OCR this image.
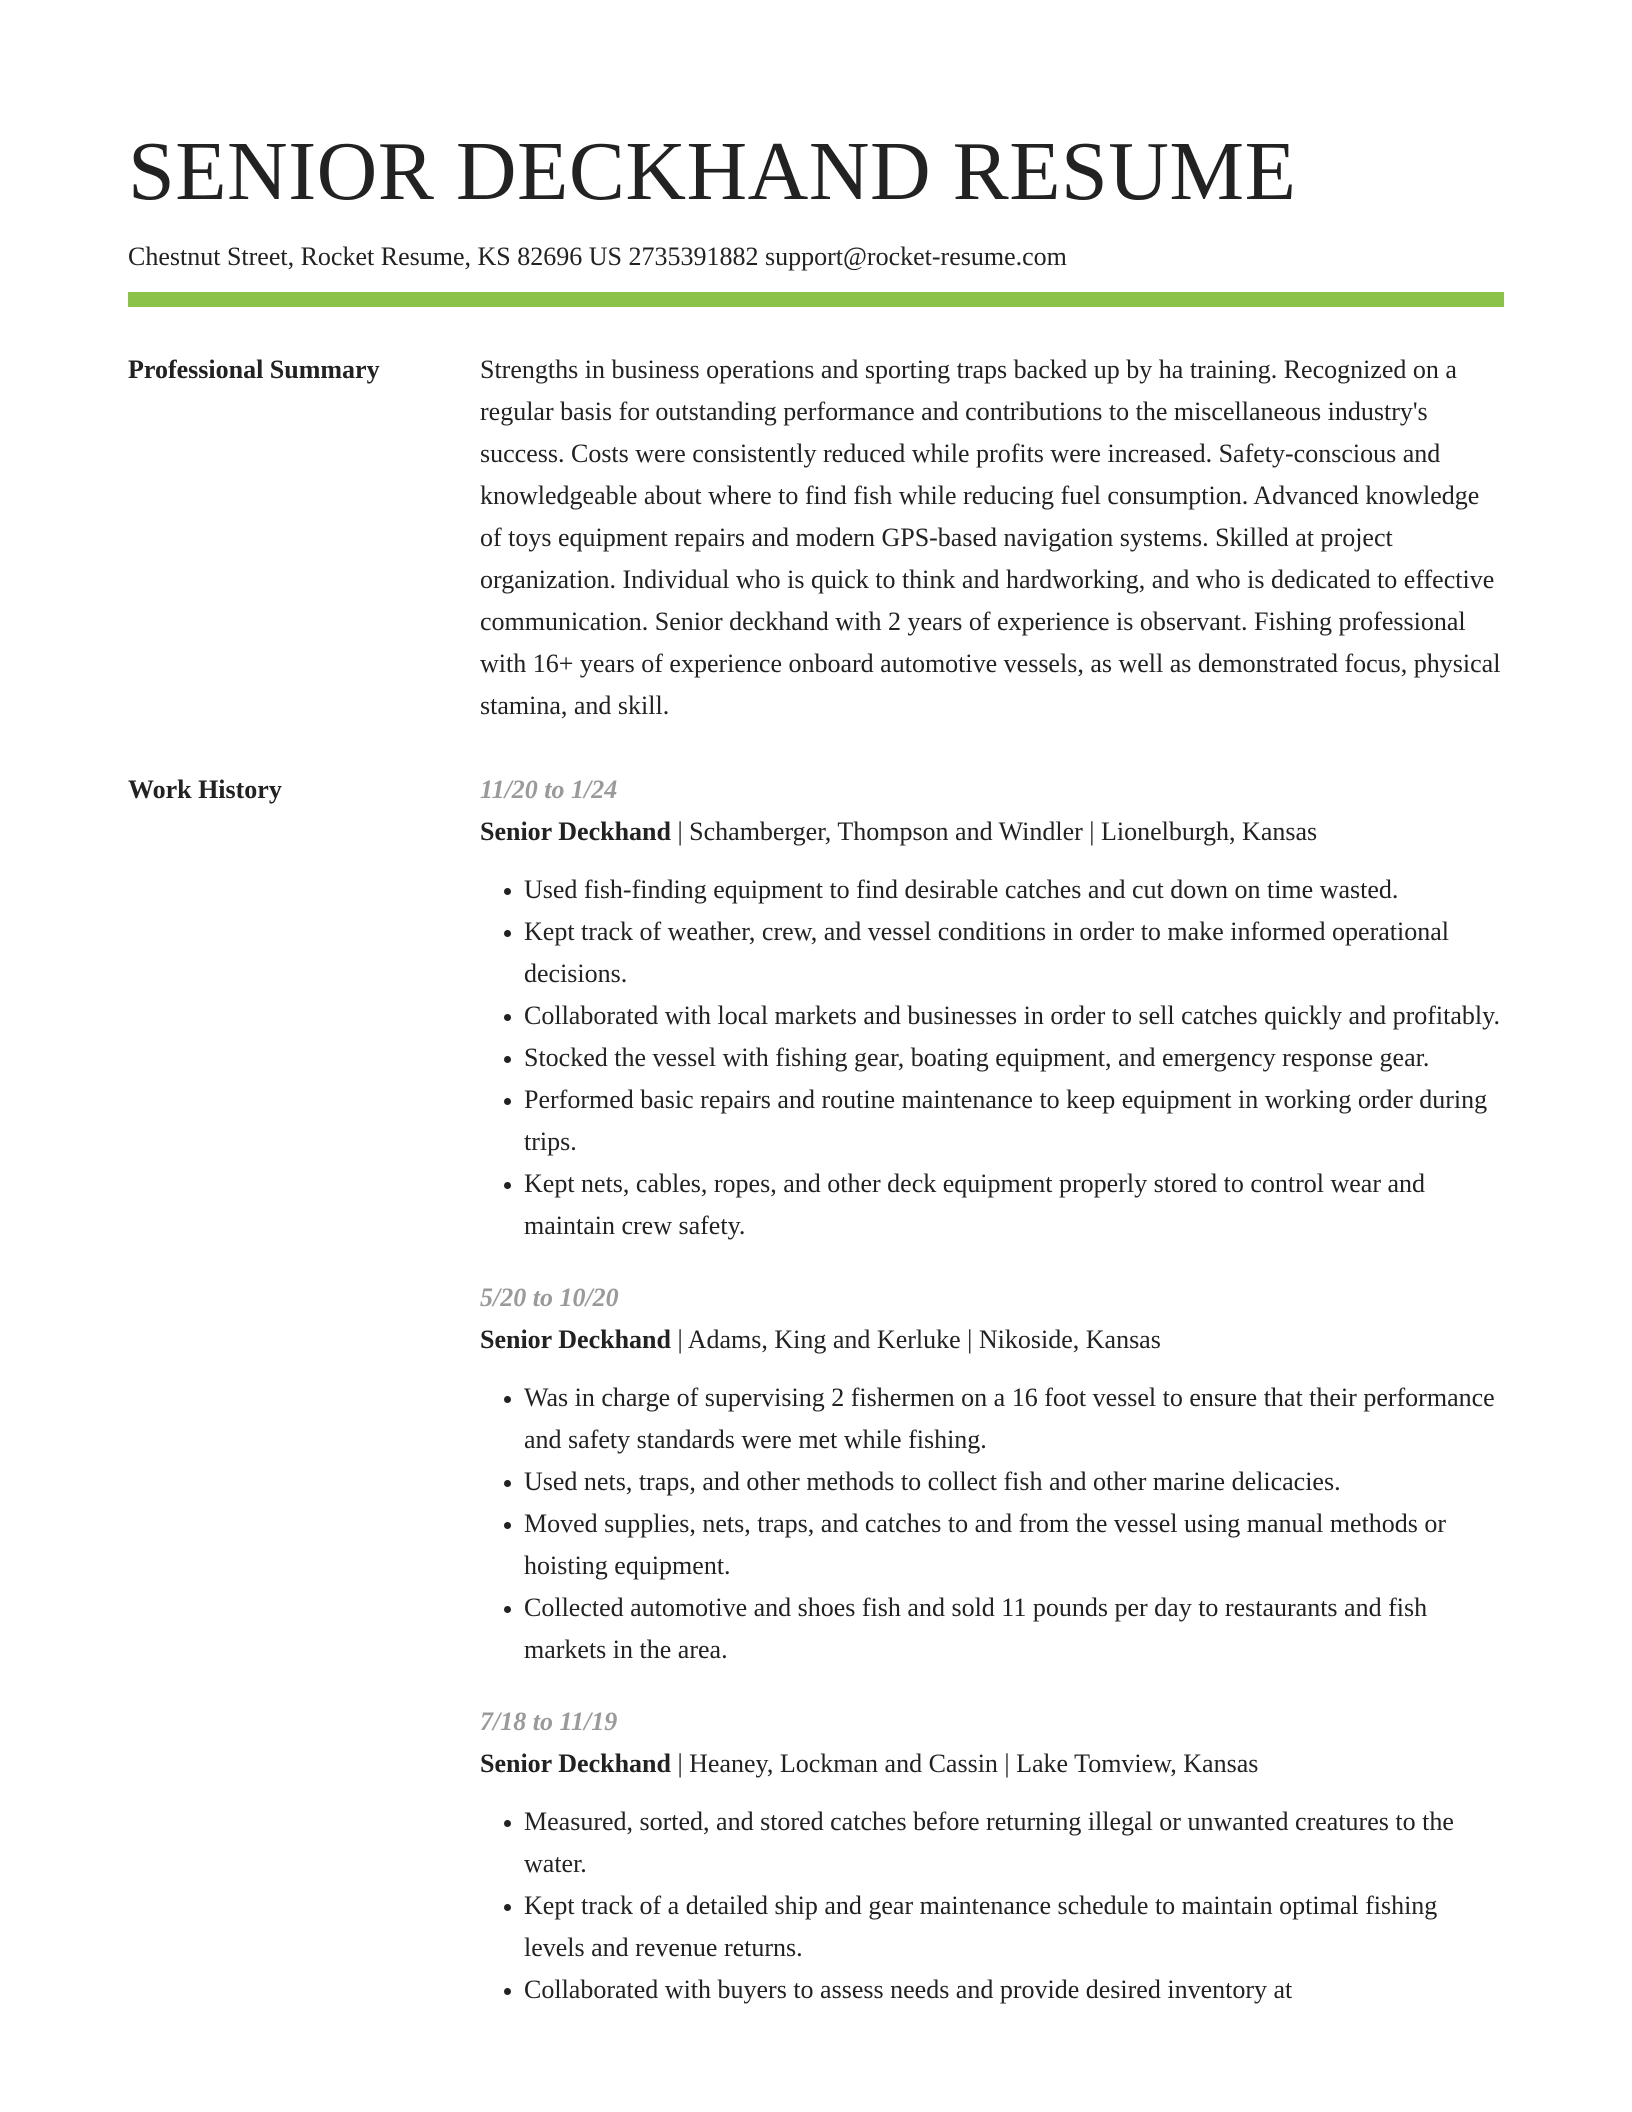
SENIOR DECKHAND RESUME
Chestnut Street, Rocket Resume, KS 82696 US 2735391882 support@rocket-resume.com
Professional Summary	Strengths in business operations and sporting traps backed up by ha training. Recognized on a regular basis for outstanding performance and contributions to the miscellaneous industry's success. Costs were consistently reduced while profits were increased. Safety-conscious and knowledgeable about where to find fish while reducing fuel consumption. Advanced knowledge of toys equipment repairs and modern GPS-based navigation systems. Skilled at project organization. Individual who is quick to think and hardworking, and who is dedicated to effective communication. Senior deckhand with 2 years of experience is observant. Fishing professional with 16+ years of experience onboard automotive vessels, as well as demonstrated focus, physical stamina, and skill.

Work History	11/20 to 1/24
Senior Deckhand | Schamberger, Thompson and Windler | Lionelburgh, Kansas
• Used fish-finding equipment to find desirable catches and cut down on time wasted.
• Kept track of weather, crew, and vessel conditions in order to make informed operational decisions.
• Collaborated with local markets and businesses in order to sell catches quickly and profitably.
• Stocked the vessel with fishing gear, boating equipment, and emergency response gear.
• Performed basic repairs and routine maintenance to keep equipment in working order during trips.
• Kept nets, cables, ropes, and other deck equipment properly stored to control wear and maintain crew safety.
5/20 to 10/20
Senior Deckhand | Adams, King and Kerluke | Nikoside, Kansas
• Was in charge of supervising 2 fishermen on a 16 foot vessel to ensure that their performance and safety standards were met while fishing.
• Used nets, traps, and other methods to collect fish and other marine delicacies.
• Moved supplies, nets, traps, and catches to and from the vessel using manual methods or hoisting equipment.
• Collected automotive and shoes fish and sold 11 pounds per day to restaurants and fish markets in the area.
7/18 to 11/19
Senior Deckhand | Heaney, Lockman and Cassin | Lake Tomview, Kansas
• Measured, sorted, and stored catches before returning illegal or unwanted creatures to the water.
• Kept track of a detailed ship and gear maintenance schedule to maintain optimal fishing levels and revenue returns.
• Collaborated with buyers to assess needs and provide desired inventory at
